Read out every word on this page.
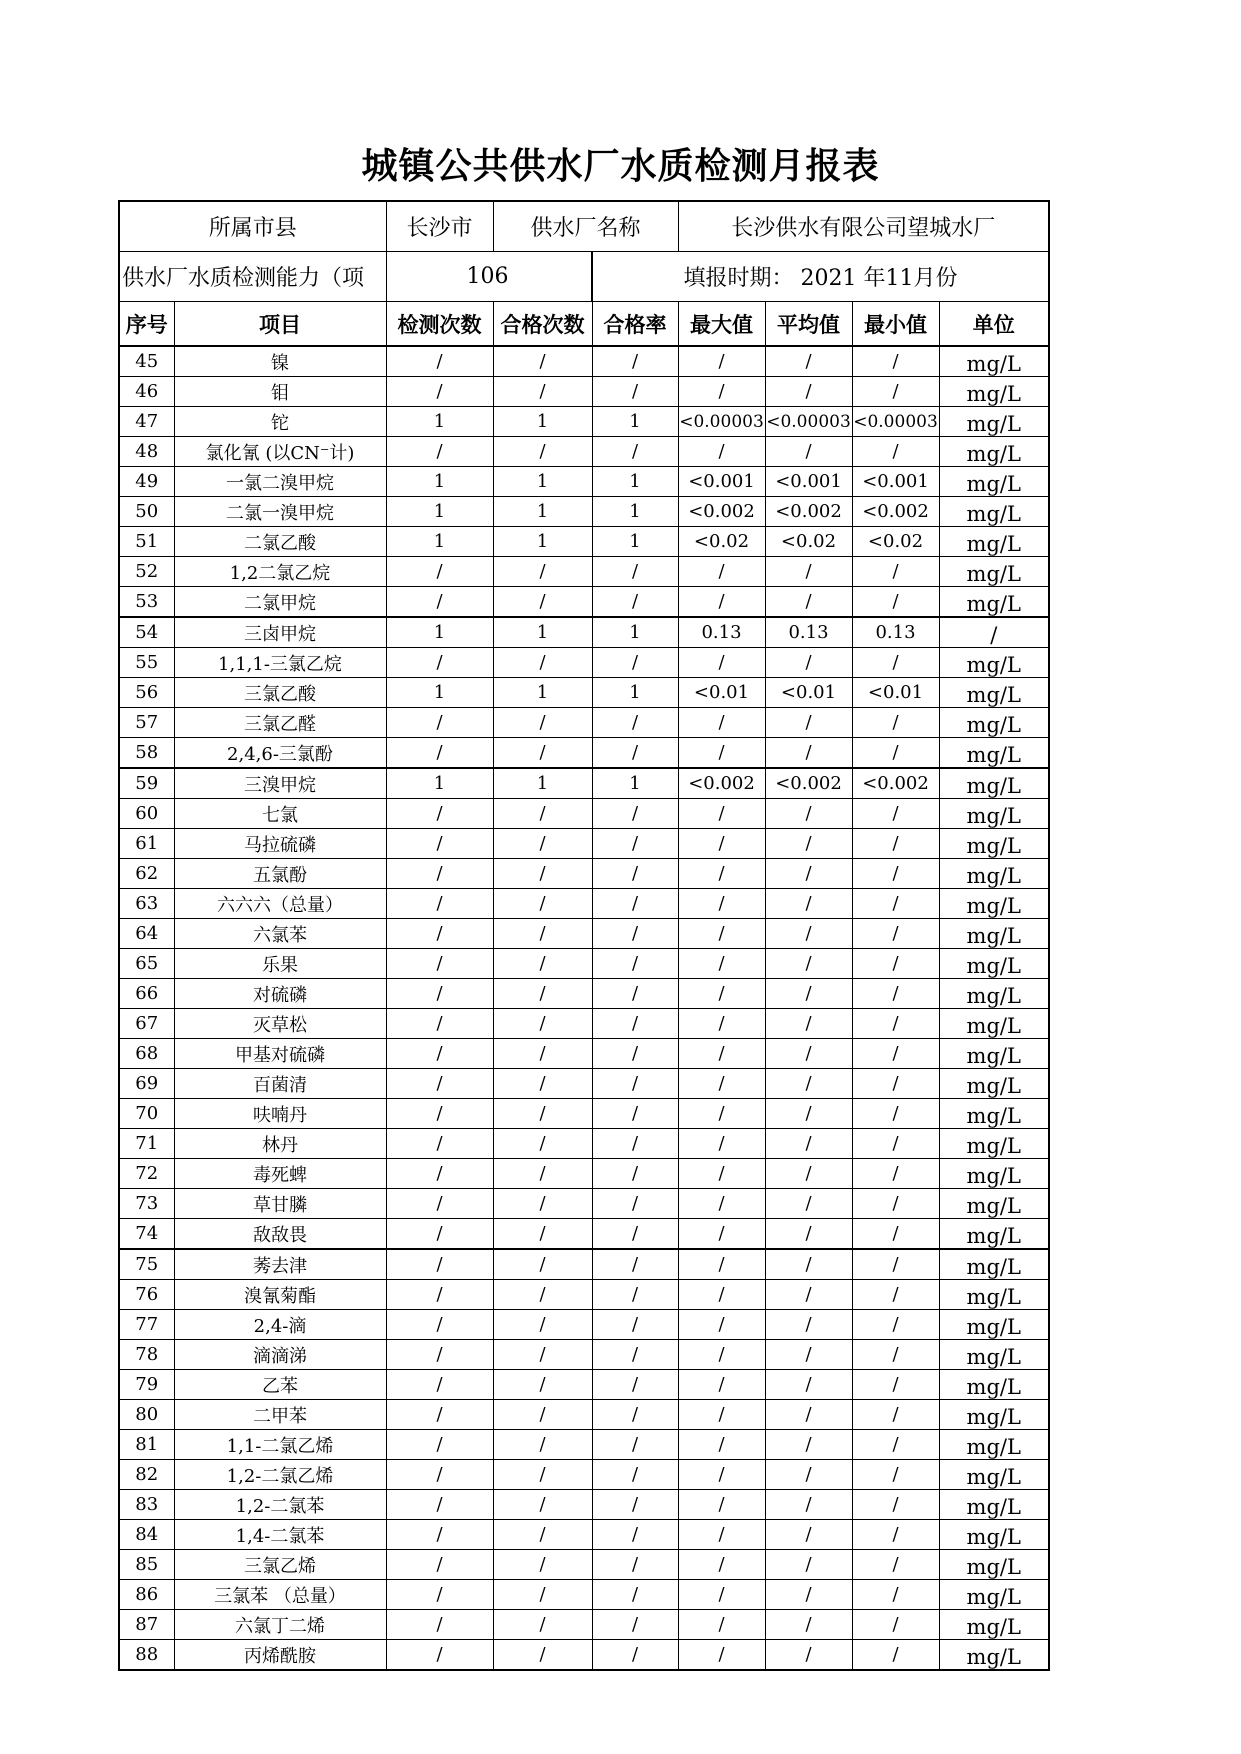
城镇公共供水厂水质检测月报表
所属市县		长沙市	供水厂名称		长沙供水有限公司望城水厂			
供水厂水质检测能力（项		106		填报时期： 2021 年11月份				
序号	项目	检测次数	合格次数	合格率	最大值	平均值	最小值	单位
45	镍	/	/	/	/	/	/	mg/L
46	钼	/	/	/	/	/	/	mg/L
47	铊	1	1	1	<0.00003	<0.00003	<0.00003	mg/L
48	氯化氰 (以CN⁻计)	/	/	/	/	/	/	mg/L
49	一氯二溴甲烷	1	1	1	<0.001	<0.001	<0.001	mg/L
50	二氯一溴甲烷	1	1	1	<0.002	<0.002	<0.002	mg/L
51	二氯乙酸	1	1	1	<0.02	<0.02	<0.02	mg/L
52	1,2二氯乙烷	/	/	/	/	/	/	mg/L
53	二氯甲烷	/	/	/	/	/	/	mg/L
54	三卤甲烷	1	1	1	0.13	0.13	0.13	/
55	1,1,1-三氯乙烷	/	/	/	/	/	/	mg/L
56	三氯乙酸	1	1	1	<0.01	<0.01	<0.01	mg/L
57	三氯乙醛	/	/	/	/	/	/	mg/L
58	2,4,6-三氯酚	/	/	/	/	/	/	mg/L
59	三溴甲烷	1	1	1	<0.002	<0.002	<0.002	mg/L
60	七氯	/	/	/	/	/	/	mg/L
61	马拉硫磷	/	/	/	/	/	/	mg/L
62	五氯酚	/	/	/	/	/	/	mg/L
63	六六六（总量）	/	/	/	/	/	/	mg/L
64	六氯苯	/	/	/	/	/	/	mg/L
65	乐果	/	/	/	/	/	/	mg/L
66	对硫磷	/	/	/	/	/	/	mg/L
67	灭草松	/	/	/	/	/	/	mg/L
68	甲基对硫磷	/	/	/	/	/	/	mg/L
69	百菌清	/	/	/	/	/	/	mg/L
70	呋喃丹	/	/	/	/	/	/	mg/L
71	林丹	/	/	/	/	/	/	mg/L
72	毒死蜱	/	/	/	/	/	/	mg/L
73	草甘膦	/	/	/	/	/	/	mg/L
74	敌敌畏	/	/	/	/	/	/	mg/L
75	莠去津	/	/	/	/	/	/	mg/L
76	溴氰菊酯	/	/	/	/	/	/	mg/L
77	2,4-滴	/	/	/	/	/	/	mg/L
78	滴滴涕	/	/	/	/	/	/	mg/L
79	乙苯	/	/	/	/	/	/	mg/L
80	二甲苯	/	/	/	/	/	/	mg/L
81	1,1-二氯乙烯	/	/	/	/	/	/	mg/L
82	1,2-二氯乙烯	/	/	/	/	/	/	mg/L
83	1,2-二氯苯	/	/	/	/	/	/	mg/L
84	1,4-二氯苯	/	/	/	/	/	/	mg/L
85	三氯乙烯	/	/	/	/	/	/	mg/L
86	三氯苯 （总量）	/	/	/	/	/	/	mg/L
87	六氯丁二烯	/	/	/	/	/	/	mg/L
88	丙烯酰胺	/	/	/	/	/	/	mg/L
